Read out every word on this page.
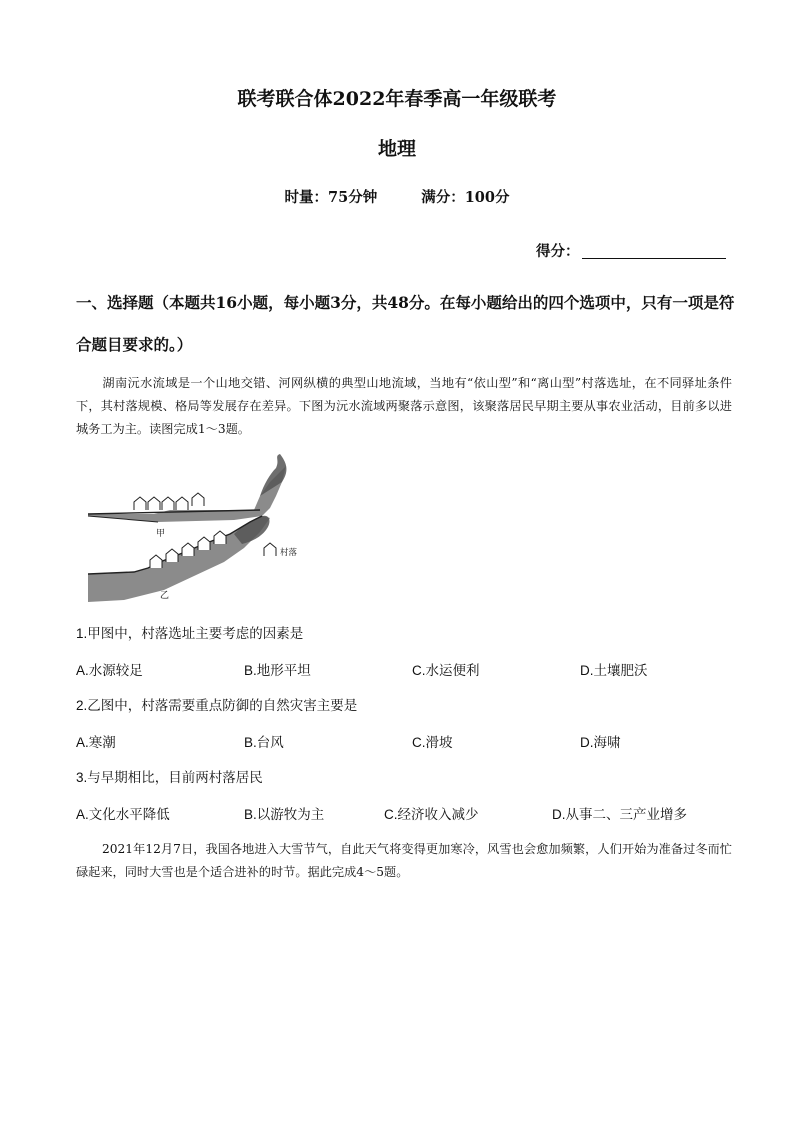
联考联合体2022年春季高一年级联考
地理
时量：75分钟	满分：100分
得分：
一、选择题（本题共16小题，每小题3分，共48分。在每小题给出的四个选项中，只有一项是符合题目要求的。）
湖南沅水流域是一个山地交错、河网纵横的典型山地流域，当地有“依山型”和“离山型”村落选址，在不同驿址条件下，其村落规模、格局等发展存在差异。下图为沅水流域两聚落示意图，该聚落居民早期主要从事农业活动，目前多以进城务工为主。读图完成1～3题。
甲
乙
村落
1.甲图中，村落选址主要考虑的因素是
A.水源较足	B.地形平坦	C.水运便利	D.土壤肥沃
2.乙图中，村落需要重点防御的自然灾害主要是
A.寒潮	B.台风	C.滑坡	D.海啸
3.与早期相比，目前两村落居民
A.文化水平降低	B.以游牧为主	C.经济收入减少	D.从事二、三产业增多
2021年12月7日，我国各地进入大雪节气，自此天气将变得更加寒冷，风雪也会愈加频繁，人们开始为准备过冬而忙碌起来，同时大雪也是个适合进补的时节。据此完成4～5题。
